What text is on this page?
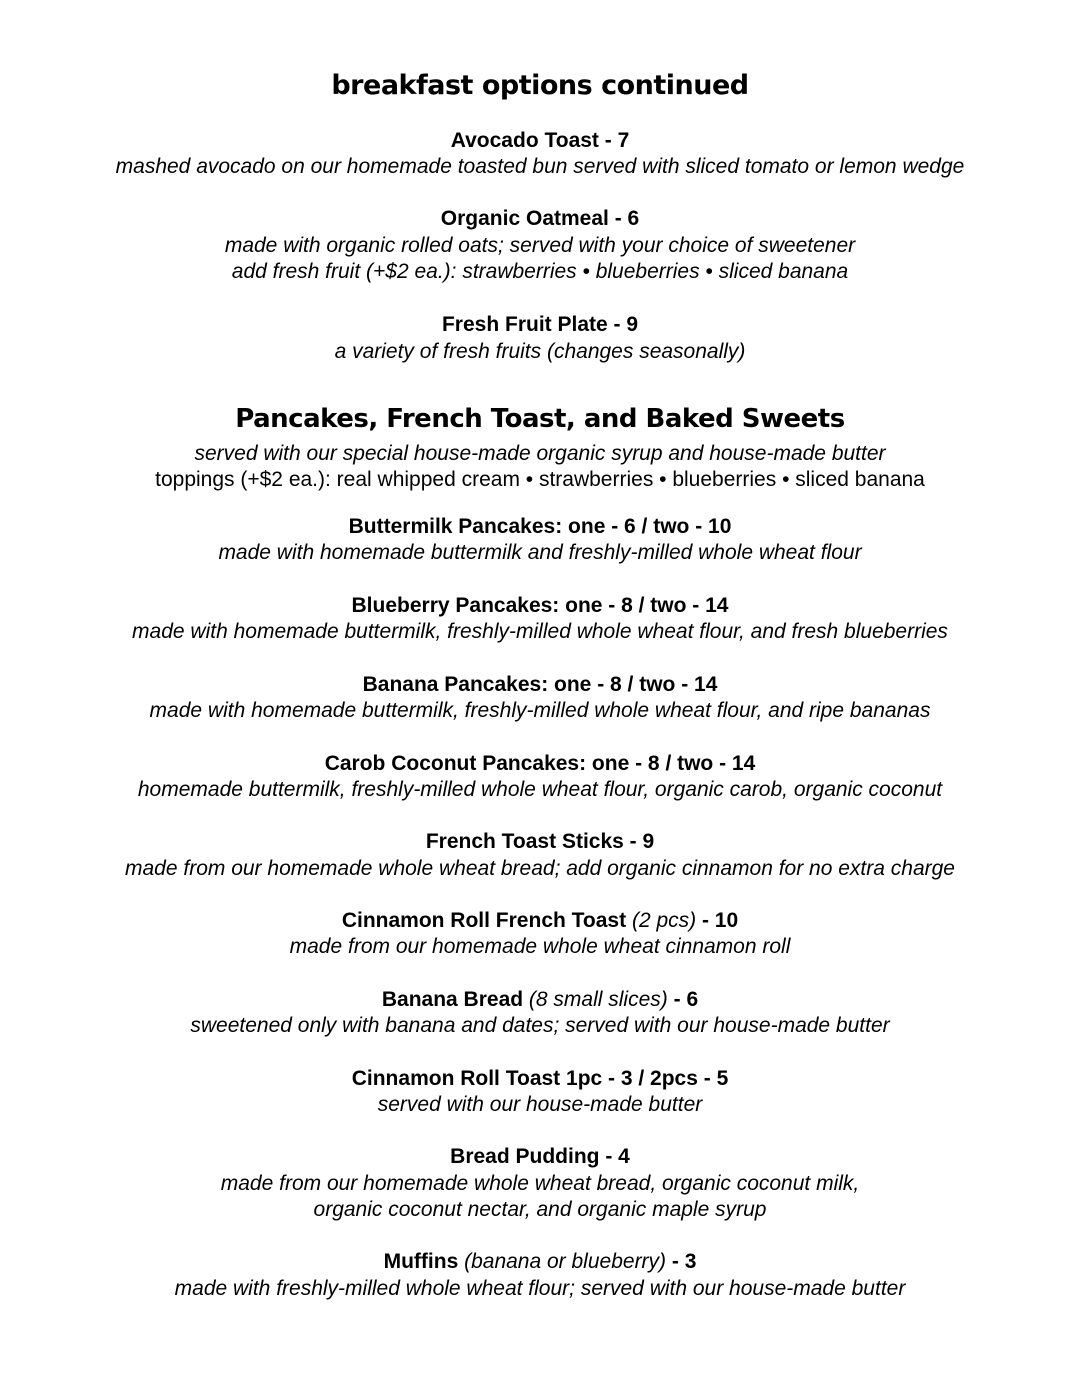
breakfast options continued
Avocado Toast - 7
mashed avocado on our homemade toasted bun served with sliced tomato or lemon wedge
Organic Oatmeal - 6
made with organic rolled oats; served with your choice of sweetener
add fresh fruit (+$2 ea.): strawberries • blueberries • sliced banana
Fresh Fruit Plate - 9
a variety of fresh fruits (changes seasonally)
Pancakes, French Toast, and Baked Sweets
served with our special house-made organic syrup and house-made butter
toppings (+$2 ea.): real whipped cream • strawberries • blueberries • sliced banana
Buttermilk Pancakes: one - 6 / two - 10
made with homemade buttermilk and freshly-milled whole wheat flour
Blueberry Pancakes: one - 8 / two - 14
made with homemade buttermilk, freshly-milled whole wheat flour, and fresh blueberries
Banana Pancakes: one - 8 / two - 14
made with homemade buttermilk, freshly-milled whole wheat flour, and ripe bananas
Carob Coconut Pancakes: one - 8 / two - 14
homemade buttermilk, freshly-milled whole wheat flour, organic carob, organic coconut
French Toast Sticks - 9
made from our homemade whole wheat bread; add organic cinnamon for no extra charge
Cinnamon Roll French Toast (2 pcs) - 10
made from our homemade whole wheat cinnamon roll
Banana Bread (8 small slices) - 6
sweetened only with banana and dates; served with our house-made butter
Cinnamon Roll Toast 1pc - 3 / 2pcs - 5
served with our house-made butter
Bread Pudding - 4
made from our homemade whole wheat bread, organic coconut milk,
organic coconut nectar, and organic maple syrup
Muffins (banana or blueberry) - 3
made with freshly-milled whole wheat flour; served with our house-made butter
